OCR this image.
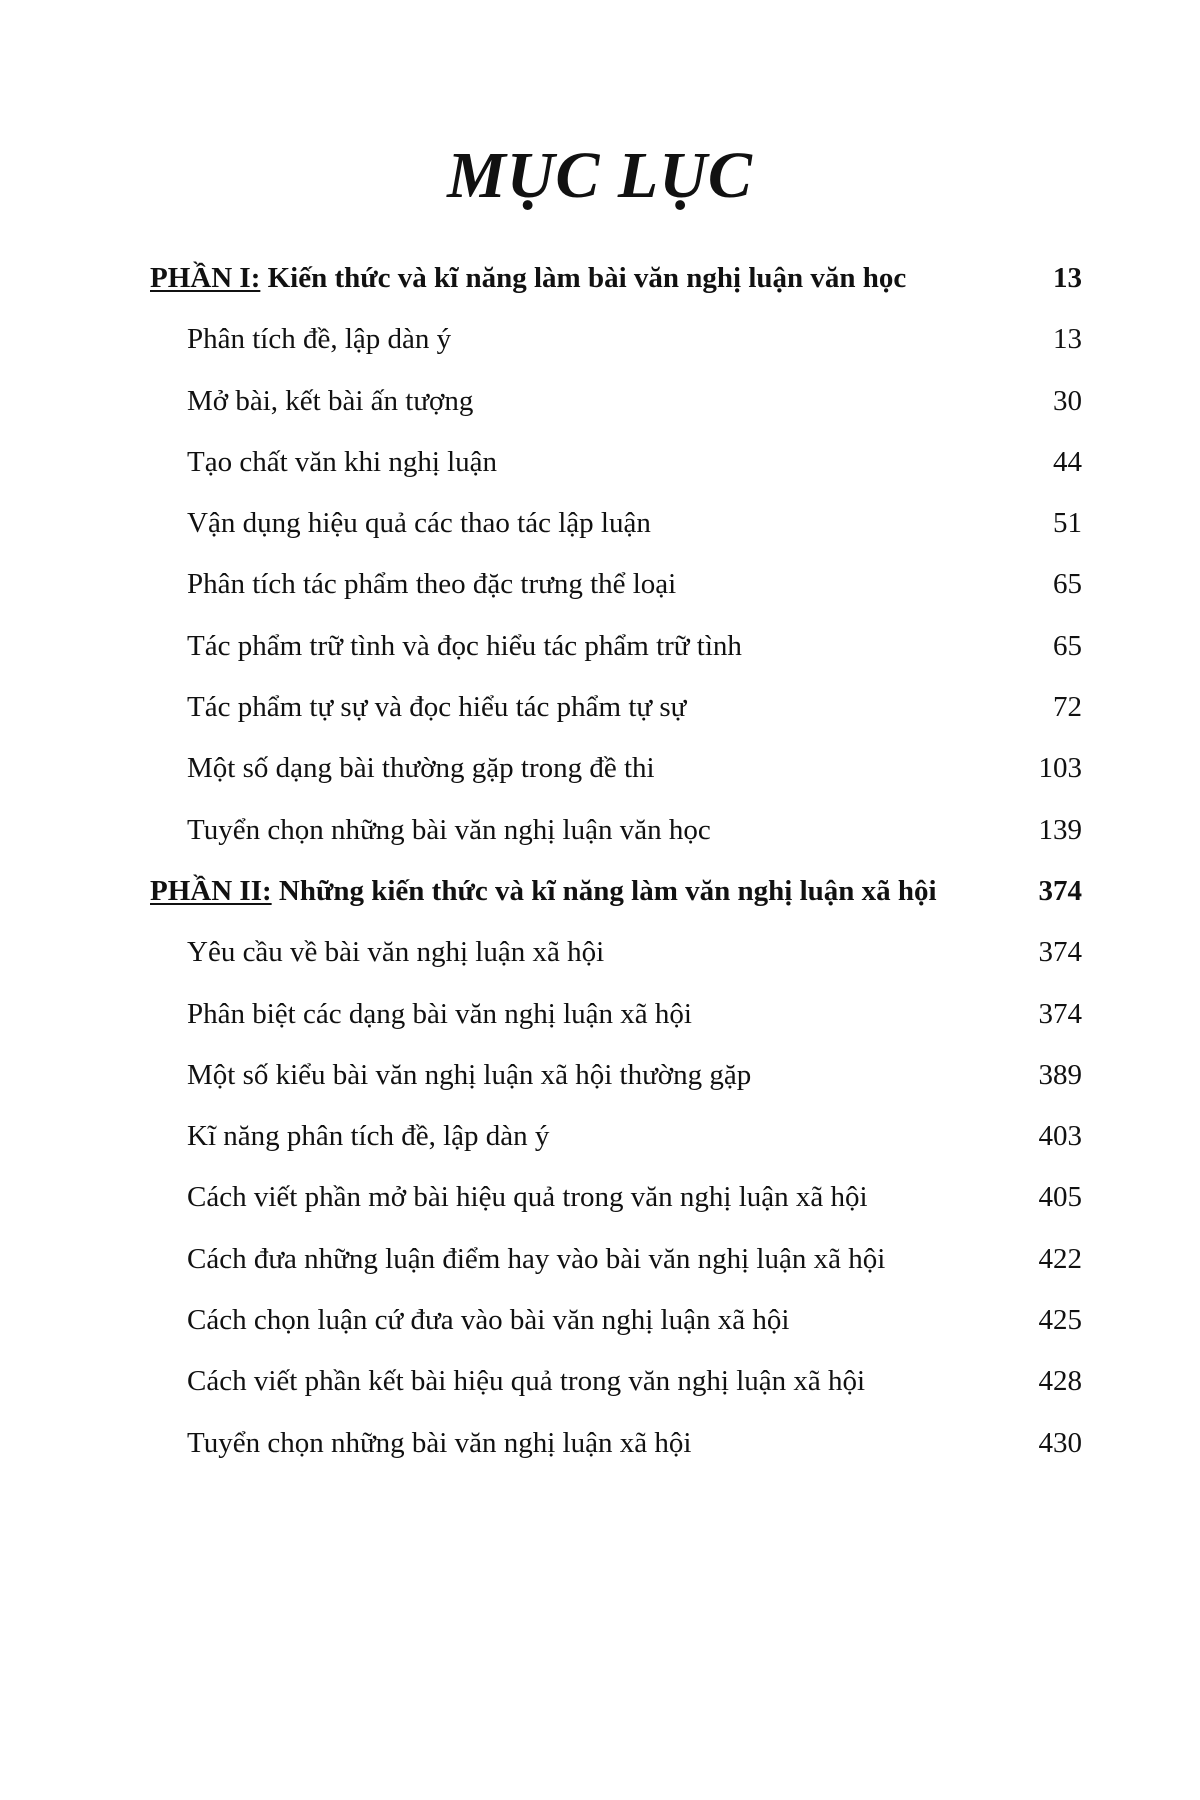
MỤC LỤC
PHẦN I: Kiến thức và kĩ năng làm bài văn nghị luận văn học	13
Phân tích đề, lập dàn ý	13
Mở bài, kết bài ấn tượng	30
Tạo chất văn khi nghị luận	44
Vận dụng hiệu quả các thao tác lập luận	51
Phân tích tác phẩm theo đặc trưng thể loại	65
Tác phẩm trữ tình và đọc hiểu tác phẩm trữ tình	65
Tác phẩm tự sự và đọc hiểu tác phẩm tự sự	72
Một số dạng bài thường gặp trong đề thi	103
Tuyển chọn những bài văn nghị luận văn học	139
PHẦN II: Những kiến thức và kĩ năng làm văn nghị luận xã hội	374
Yêu cầu về bài văn nghị luận xã hội	374
Phân biệt các dạng bài văn nghị luận xã hội	374
Một số kiểu bài văn nghị luận xã hội thường gặp	389
Kĩ năng phân tích đề, lập dàn ý	403
Cách viết phần mở bài hiệu quả trong văn nghị luận xã hội	405
Cách đưa những luận điểm hay vào bài văn nghị luận xã hội	422
Cách chọn luận cứ đưa vào bài văn nghị luận xã hội	425
Cách viết phần kết bài hiệu quả trong văn nghị luận xã hội	428
Tuyển chọn những bài văn nghị luận xã hội	430
